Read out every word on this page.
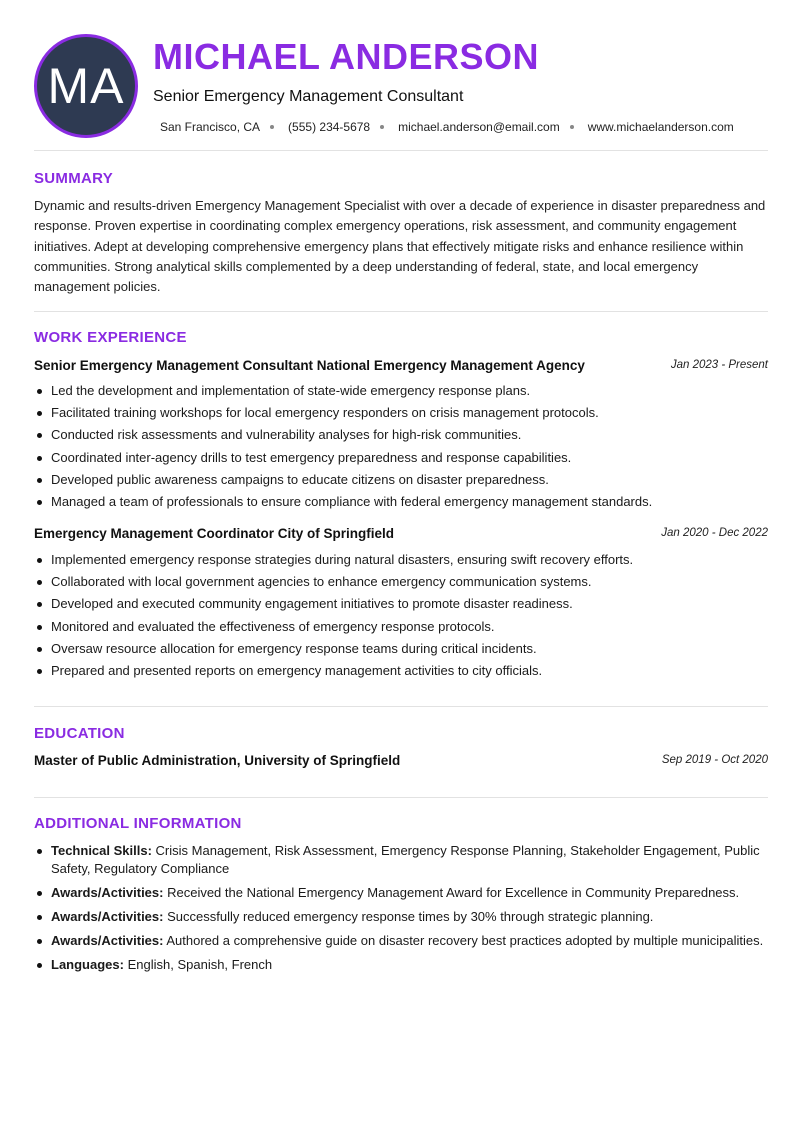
MA
MICHAEL ANDERSON
Senior Emergency Management Consultant
San Francisco, CA (555) 234-5678 michael.anderson@email.com www.michaelanderson.com
SUMMARY
Dynamic and results-driven Emergency Management Specialist with over a decade of experience in disaster preparedness and response. Proven expertise in coordinating complex emergency operations, risk assessment, and community engagement initiatives. Adept at developing comprehensive emergency plans that effectively mitigate risks and enhance resilience within communities. Strong analytical skills complemented by a deep understanding of federal, state, and local emergency management policies.
WORK EXPERIENCE
Senior Emergency Management Consultant National Emergency Management Agency	Jan 2023 - Present
Led the development and implementation of state-wide emergency response plans.
Facilitated training workshops for local emergency responders on crisis management protocols.
Conducted risk assessments and vulnerability analyses for high-risk communities.
Coordinated inter-agency drills to test emergency preparedness and response capabilities.
Developed public awareness campaigns to educate citizens on disaster preparedness.
Managed a team of professionals to ensure compliance with federal emergency management standards.
Emergency Management Coordinator City of Springfield	Jan 2020 - Dec 2022
Implemented emergency response strategies during natural disasters, ensuring swift recovery efforts.
Collaborated with local government agencies to enhance emergency communication systems.
Developed and executed community engagement initiatives to promote disaster readiness.
Monitored and evaluated the effectiveness of emergency response protocols.
Oversaw resource allocation for emergency response teams during critical incidents.
Prepared and presented reports on emergency management activities to city officials.
EDUCATION
Master of Public Administration, University of Springfield	Sep 2019 - Oct 2020
ADDITIONAL INFORMATION
Technical Skills: Crisis Management, Risk Assessment, Emergency Response Planning, Stakeholder Engagement, Public Safety, Regulatory Compliance
Awards/Activities: Received the National Emergency Management Award for Excellence in Community Preparedness.
Awards/Activities: Successfully reduced emergency response times by 30% through strategic planning.
Awards/Activities: Authored a comprehensive guide on disaster recovery best practices adopted by multiple municipalities.
Languages: English, Spanish, French
